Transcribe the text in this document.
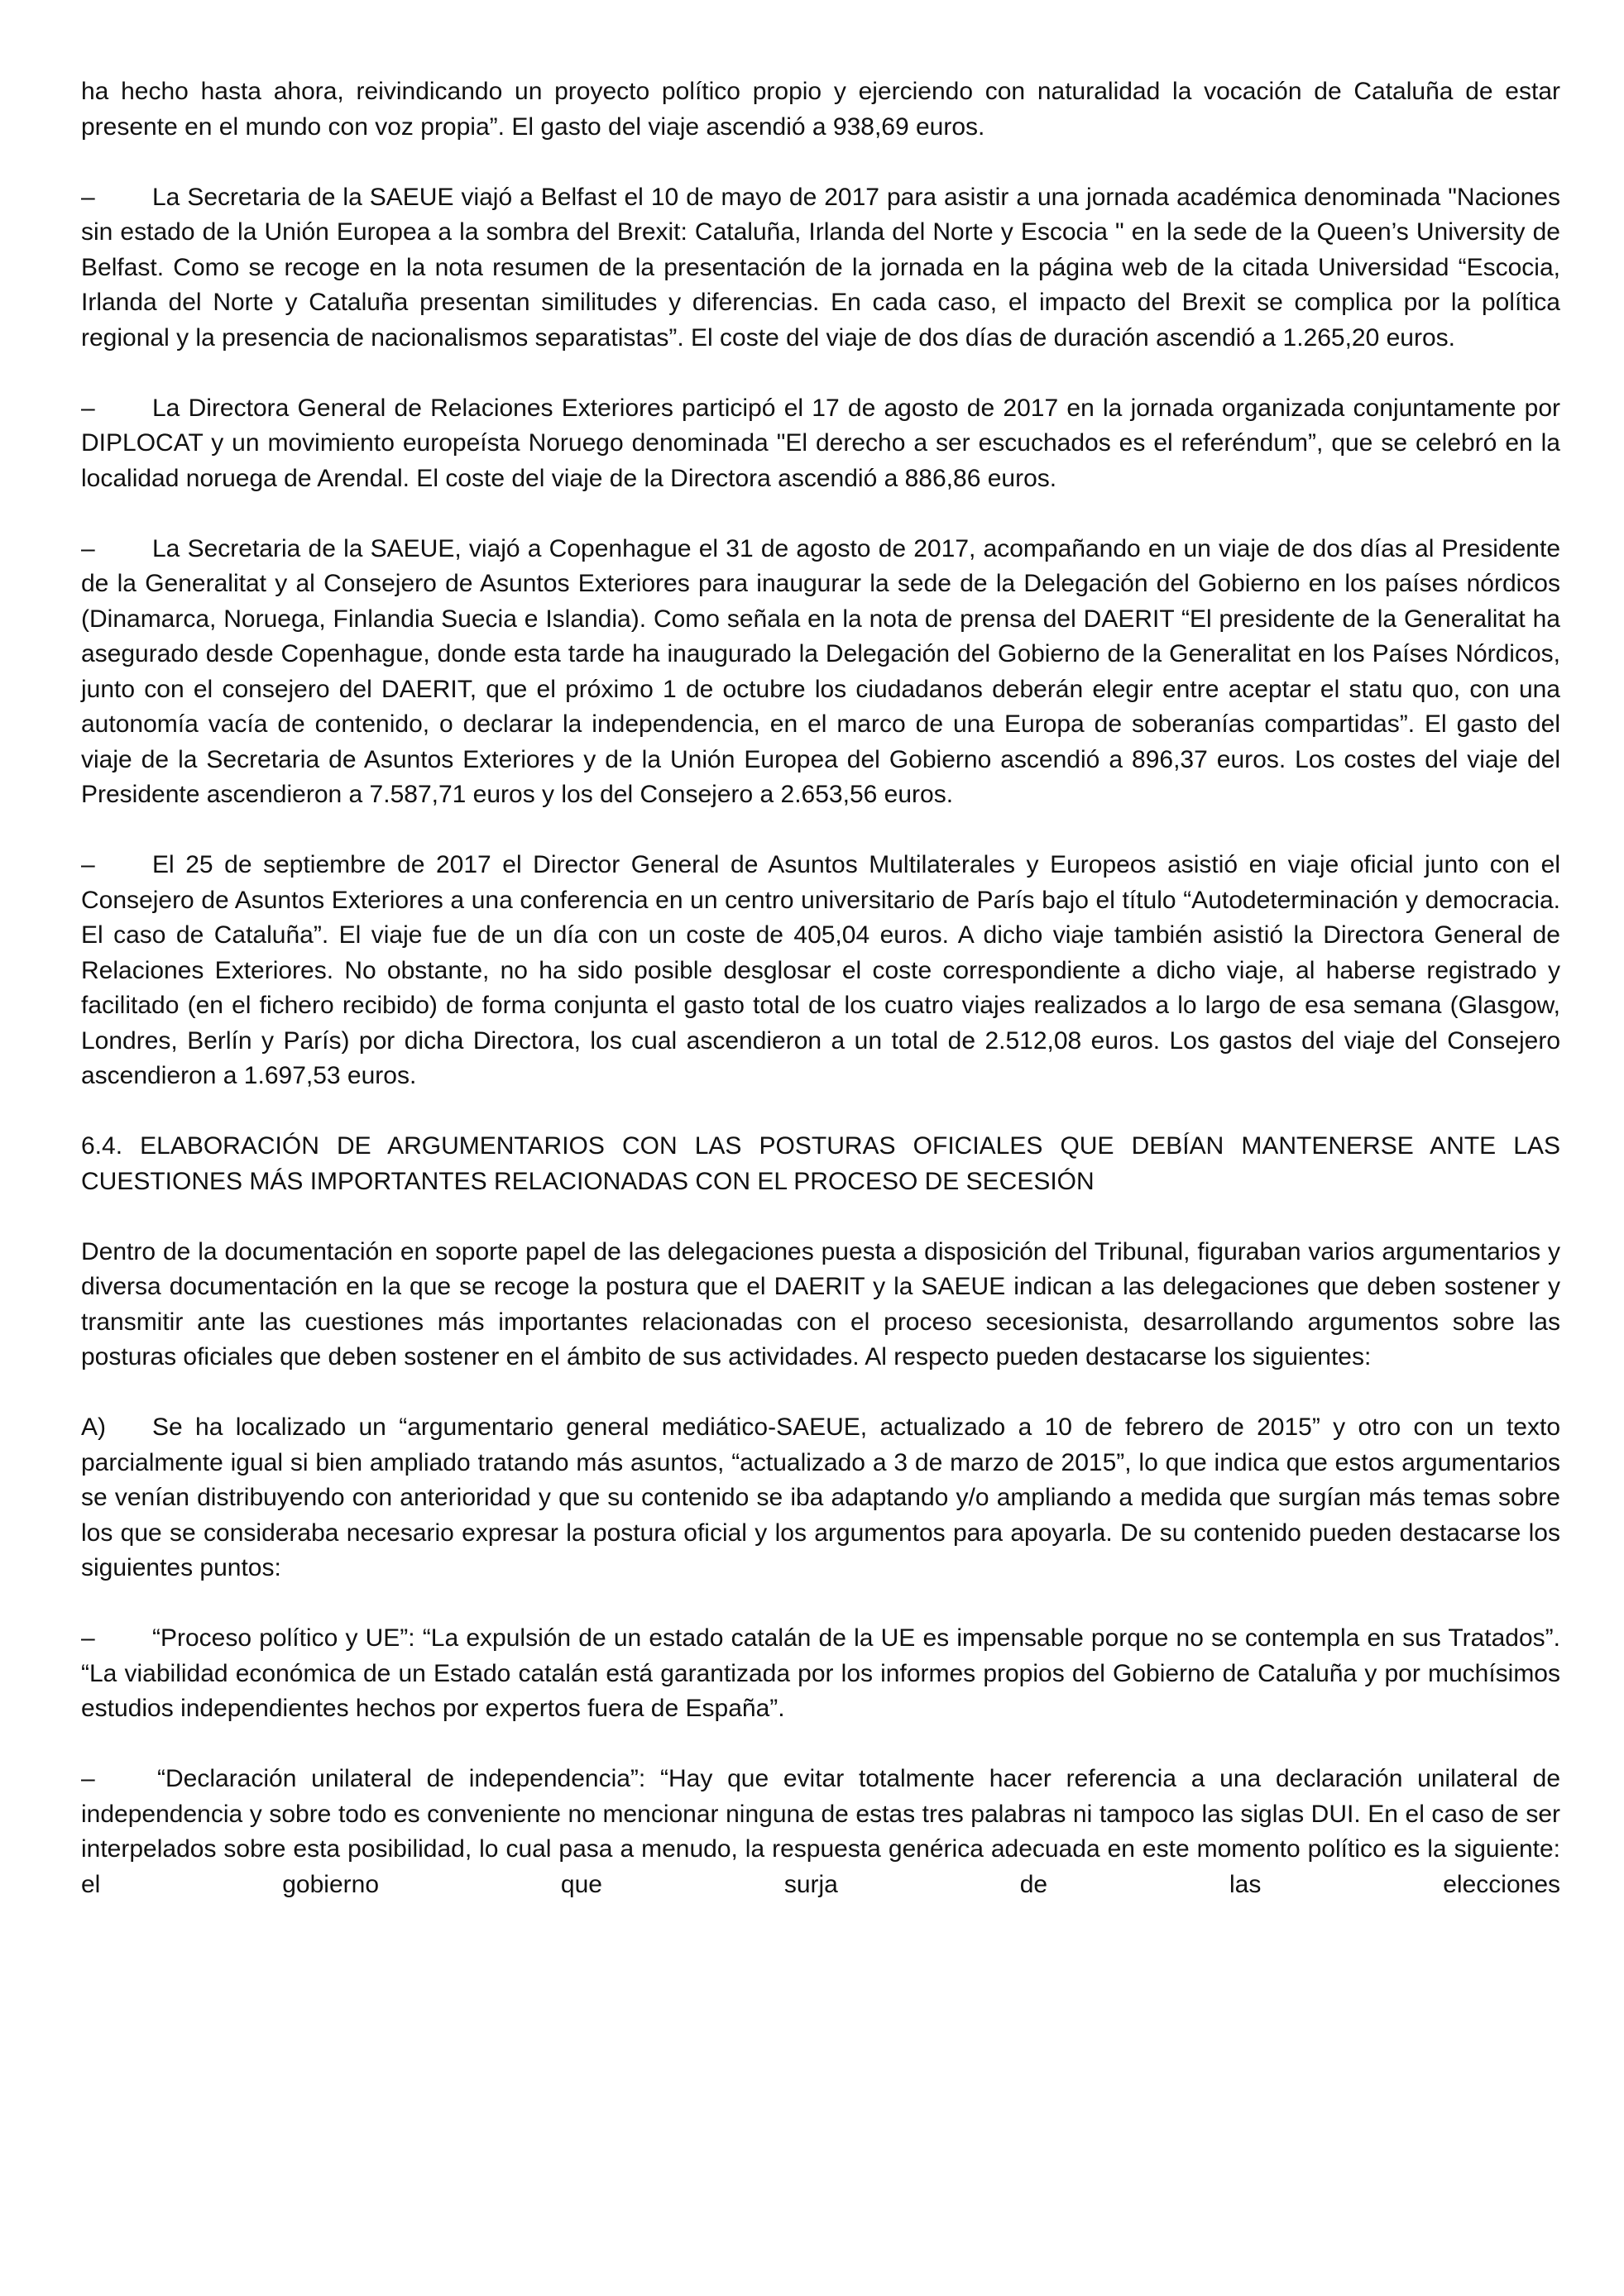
ha hecho hasta ahora, reivindicando un proyecto político propio y ejerciendo con naturalidad la vocación de Cataluña de estar presente en el mundo con voz propia”. El gasto del viaje ascendió a 938,69 euros.

– La Secretaria de la SAEUE viajó a Belfast el 10 de mayo de 2017 para asistir a una jornada académica denominada "Naciones sin estado de la Unión Europea a la sombra del Brexit: Cataluña, Irlanda del Norte y Escocia " en la sede de la Queen’s University de Belfast. Como se recoge en la nota resumen de la presentación de la jornada en la página web de la citada Universidad “Escocia, Irlanda del Norte y Cataluña presentan similitudes y diferencias. En cada caso, el impacto del Brexit se complica por la política regional y la presencia de nacionalismos separatistas”. El coste del viaje de dos días de duración ascendió a 1.265,20 euros.

– La Directora General de Relaciones Exteriores participó el 17 de agosto de 2017 en la jornada organizada conjuntamente por DIPLOCAT y un movimiento europeísta Noruego denominada "El derecho a ser escuchados es el referéndum”, que se celebró en la localidad noruega de Arendal. El coste del viaje de la Directora ascendió a 886,86 euros.

– La Secretaria de la SAEUE, viajó a Copenhague el 31 de agosto de 2017, acompañando en un viaje de dos días al Presidente de la Generalitat y al Consejero de Asuntos Exteriores para inaugurar la sede de la Delegación del Gobierno en los países nórdicos (Dinamarca, Noruega, Finlandia Suecia e Islandia). Como señala en la nota de prensa del DAERIT “El presidente de la Generalitat ha asegurado desde Copenhague, donde esta tarde ha inaugurado la Delegación del Gobierno de la Generalitat en los Países Nórdicos, junto con el consejero del DAERIT, que el próximo 1 de octubre los ciudadanos deberán elegir entre aceptar el statu quo, con una autonomía vacía de contenido, o declarar la independencia, en el marco de una Europa de soberanías compartidas”. El gasto del viaje de la Secretaria de Asuntos Exteriores y de la Unión Europea del Gobierno ascendió a 896,37 euros. Los costes del viaje del Presidente ascendieron a 7.587,71 euros y los del Consejero a 2.653,56 euros.

– El 25 de septiembre de 2017 el Director General de Asuntos Multilaterales y Europeos asistió en viaje oficial junto con el Consejero de Asuntos Exteriores a una conferencia en un centro universitario de París bajo el título “Autodeterminación y democracia. El caso de Cataluña”. El viaje fue de un día con un coste de 405,04 euros. A dicho viaje también asistió la Directora General de Relaciones Exteriores. No obstante, no ha sido posible desglosar el coste correspondiente a dicho viaje, al haberse registrado y facilitado (en el fichero recibido) de forma conjunta el gasto total de los cuatro viajes realizados a lo largo de esa semana (Glasgow, Londres, Berlín y París) por dicha Directora, los cual ascendieron a un total de 2.512,08 euros. Los gastos del viaje del Consejero ascendieron a 1.697,53 euros.

6.4. ELABORACIÓN DE ARGUMENTARIOS CON LAS POSTURAS OFICIALES QUE DEBÍAN MANTENERSE ANTE LAS CUESTIONES MÁS IMPORTANTES RELACIONADAS CON EL PROCESO DE SECESIÓN

Dentro de la documentación en soporte papel de las delegaciones puesta a disposición del Tribunal, figuraban varios argumentarios y diversa documentación en la que se recoge la postura que el DAERIT y la SAEUE indican a las delegaciones que deben sostener y transmitir ante las cuestiones más importantes relacionadas con el proceso secesionista, desarrollando argumentos sobre las posturas oficiales que deben sostener en el ámbito de sus actividades. Al respecto pueden destacarse los siguientes:

A) Se ha localizado un “argumentario general mediático-SAEUE, actualizado a 10 de febrero de 2015” y otro con un texto parcialmente igual si bien ampliado tratando más asuntos, “actualizado a 3 de marzo de 2015”, lo que indica que estos argumentarios se venían distribuyendo con anterioridad y que su contenido se iba adaptando y/o ampliando a medida que surgían más temas sobre los que se consideraba necesario expresar la postura oficial y los argumentos para apoyarla. De su contenido pueden destacarse los siguientes puntos:

– “Proceso político y UE”: “La expulsión de un estado catalán de la UE es impensable porque no se contempla en sus Tratados”. “La viabilidad económica de un Estado catalán está garantizada por los informes propios del Gobierno de Cataluña y por muchísimos estudios independientes hechos por expertos fuera de España”.

–	“Declaración unilateral de independencia”: “Hay que evitar totalmente hacer referencia a una declaración unilateral de independencia y sobre todo es conveniente no mencionar ninguna de estas tres palabras ni tampoco las siglas DUI. En el caso de ser interpelados sobre esta posibilidad, lo cual pasa a menudo, la respuesta genérica adecuada en este momento político es la siguiente: el gobierno que surja de las elecciones
